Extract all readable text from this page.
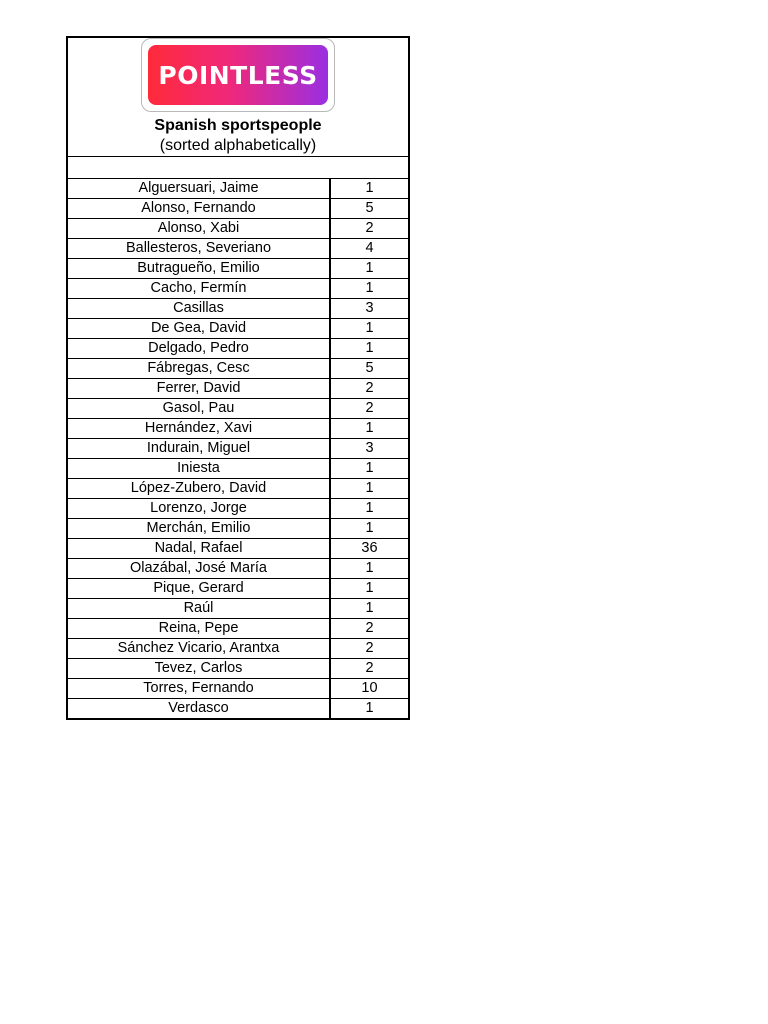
POINTLESS
Spanish sportspeople
(sorted alphabetically)
Alguersuari, Jaime	1
Alonso, Fernando	5
Alonso, Xabi	2
Ballesteros, Severiano	4
Butragueño, Emilio	1
Cacho, Fermín	1
Casillas	3
De Gea, David	1
Delgado, Pedro	1
Fábregas, Cesc	5
Ferrer, David	2
Gasol, Pau	2
Hernández, Xavi	1
Indurain, Miguel	3
Iniesta	1
López-Zubero, David	1
Lorenzo, Jorge	1
Merchán, Emilio	1
Nadal, Rafael	36
Olazábal, José María	1
Pique, Gerard	1
Raúl	1
Reina, Pepe	2
Sánchez Vicario, Arantxa	2
Tevez, Carlos	2
Torres, Fernando	10
Verdasco	1
